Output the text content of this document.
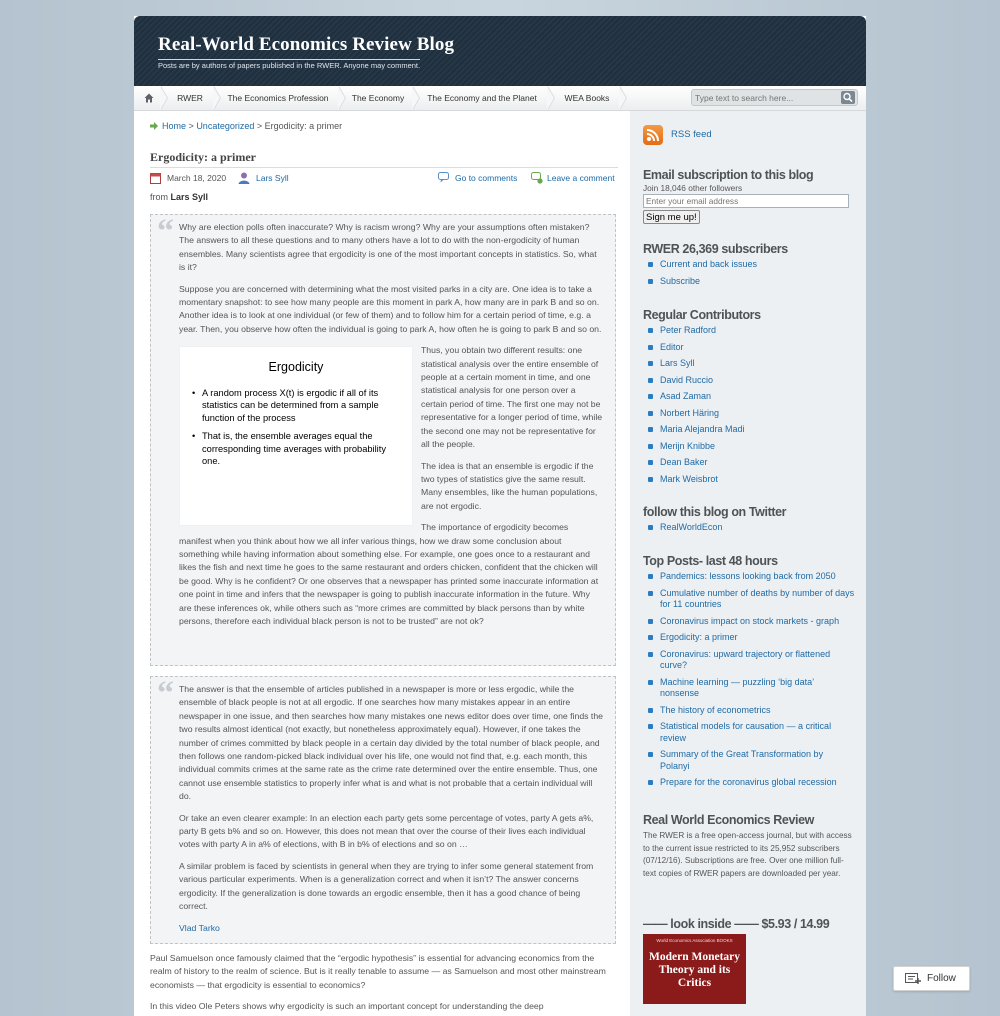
Real-World Economics Review Blog
Posts are by authors of papers published in the RWER. Anyone may comment.
RWER	The Economics Profession	The Economy	The Economy and the Planet	WEA Books
Type text to search here...
Home > Uncategorized > Ergodicity: a primer
Ergodicity: a primer
March 18, 2020	Lars Syll	Go to comments	Leave a comment
from Lars Syll
“ Why are election polls often inaccurate? Why is racism wrong? Why are your assumptions often mistaken? The answers to all these questions and to many others have a lot to do with the non-ergodicity of human ensembles. Many scientists agree that ergodicity is one of the most important concepts in statistics. So, what is it?

Suppose you are concerned with determining what the most visited parks in a city are. One idea is to take a momentary snapshot: to see how many people are this moment in park A, how many are in park B and so on. Another idea is to look at one individual (or few of them) and to follow him for a certain period of time, e.g. a year. Then, you observe how often the individual is going to park A, how often he is going to park B and so on.

Ergodicity
• A random process X(t) is ergodic if all of its statistics can be determined from a sample function of the process
• That is, the ensemble averages equal the corresponding time averages with probability one.

Thus, you obtain two different results: one statistical analysis over the entire ensemble of people at a certain moment in time, and one statistical analysis for one person over a certain period of time. The first one may not be representative for a longer period of time, while the second one may not be representative for all the people.

The idea is that an ensemble is ergodic if the two types of statistics give the same result. Many ensembles, like the human populations, are not ergodic.

The importance of ergodicity becomes manifest when you think about how we all infer various things, how we draw some conclusion about something while having information about something else. For example, one goes once to a restaurant and likes the fish and next time he goes to the same restaurant and orders chicken, confident that the chicken will be good. Why is he confident? Or one observes that a newspaper has printed some inaccurate information at one point in time and infers that the newspaper is going to publish inaccurate information in the future. Why are these inferences ok, while others such as “more crimes are committed by black persons than by white persons, therefore each individual black person is not to be trusted” are not ok?

“ The answer is that the ensemble of articles published in a newspaper is more or less ergodic, while the ensemble of black people is not at all ergodic. If one searches how many mistakes appear in an entire newspaper in one issue, and then searches how many mistakes one news editor does over time, one finds the two results almost identical (not exactly, but nonetheless approximately equal). However, if one takes the number of crimes committed by black people in a certain day divided by the total number of black people, and then follows one random-picked black individual over his life, one would not find that, e.g. each month, this individual commits crimes at the same rate as the crime rate determined over the entire ensemble. Thus, one cannot use ensemble statistics to properly infer what is and what is not probable that a certain individual will do.

Or take an even clearer example: In an election each party gets some percentage of votes, party A gets a%, party B gets b% and so on. However, this does not mean that over the course of their lives each individual votes with party A in a% of elections, with B in b% of elections and so on …

A similar problem is faced by scientists in general when they are trying to infer some general statement from various particular experiments. When is a generalization correct and when it isn’t? The answer concerns ergodicity. If the generalization is done towards an ergodic ensemble, then it has a good chance of being correct.

Vlad Tarko

Paul Samuelson once famously claimed that the “ergodic hypothesis” is essential for advancing economics from the realm of history to the realm of science. But is it really tenable to assume — as Samuelson and most other mainstream economists — that ergodicity is essential to economics?

In this video Ole Peters shows why ergodicity is such an important concept for understanding the deep

RSS feed
Email subscription to this blog
Join 18,046 other followers
Enter your email address Sign me up!
RWER 26,369 subscribers
Current and back issues
Subscribe
Regular Contributors
Peter Radford
Editor
Lars Syll
David Ruccio
Asad Zaman
Norbert Häring
Maria Alejandra Madi
Merijn Knibbe
Dean Baker
Mark Weisbrot
follow this blog on Twitter
RealWorldEcon
Top Posts- last 48 hours
Pandemics: lessons looking back from 2050
Cumulative number of deaths by number of days for 11 countries
Coronavirus impact on stock markets - graph
Ergodicity: a primer
Coronavirus: upward trajectory or flattened curve?
Machine learning — puzzling ‘big data’ nonsense
The history of econometrics
Statistical models for causation — a critical review
Summary of the Great Transformation by Polanyi
Prepare for the coronavirus global recession
Real World Economics Review
The RWER is a free open-access journal, but with access to the current issue restricted to its 25,952 subscribers (07/12/16). Subscriptions are free. Over one million full-text copies of RWER papers are downloaded per year.
—— look inside —— $5.93 / 14.99
World Economics Association BOOKS
Modern Monetary Theory and its Critics	Follow
